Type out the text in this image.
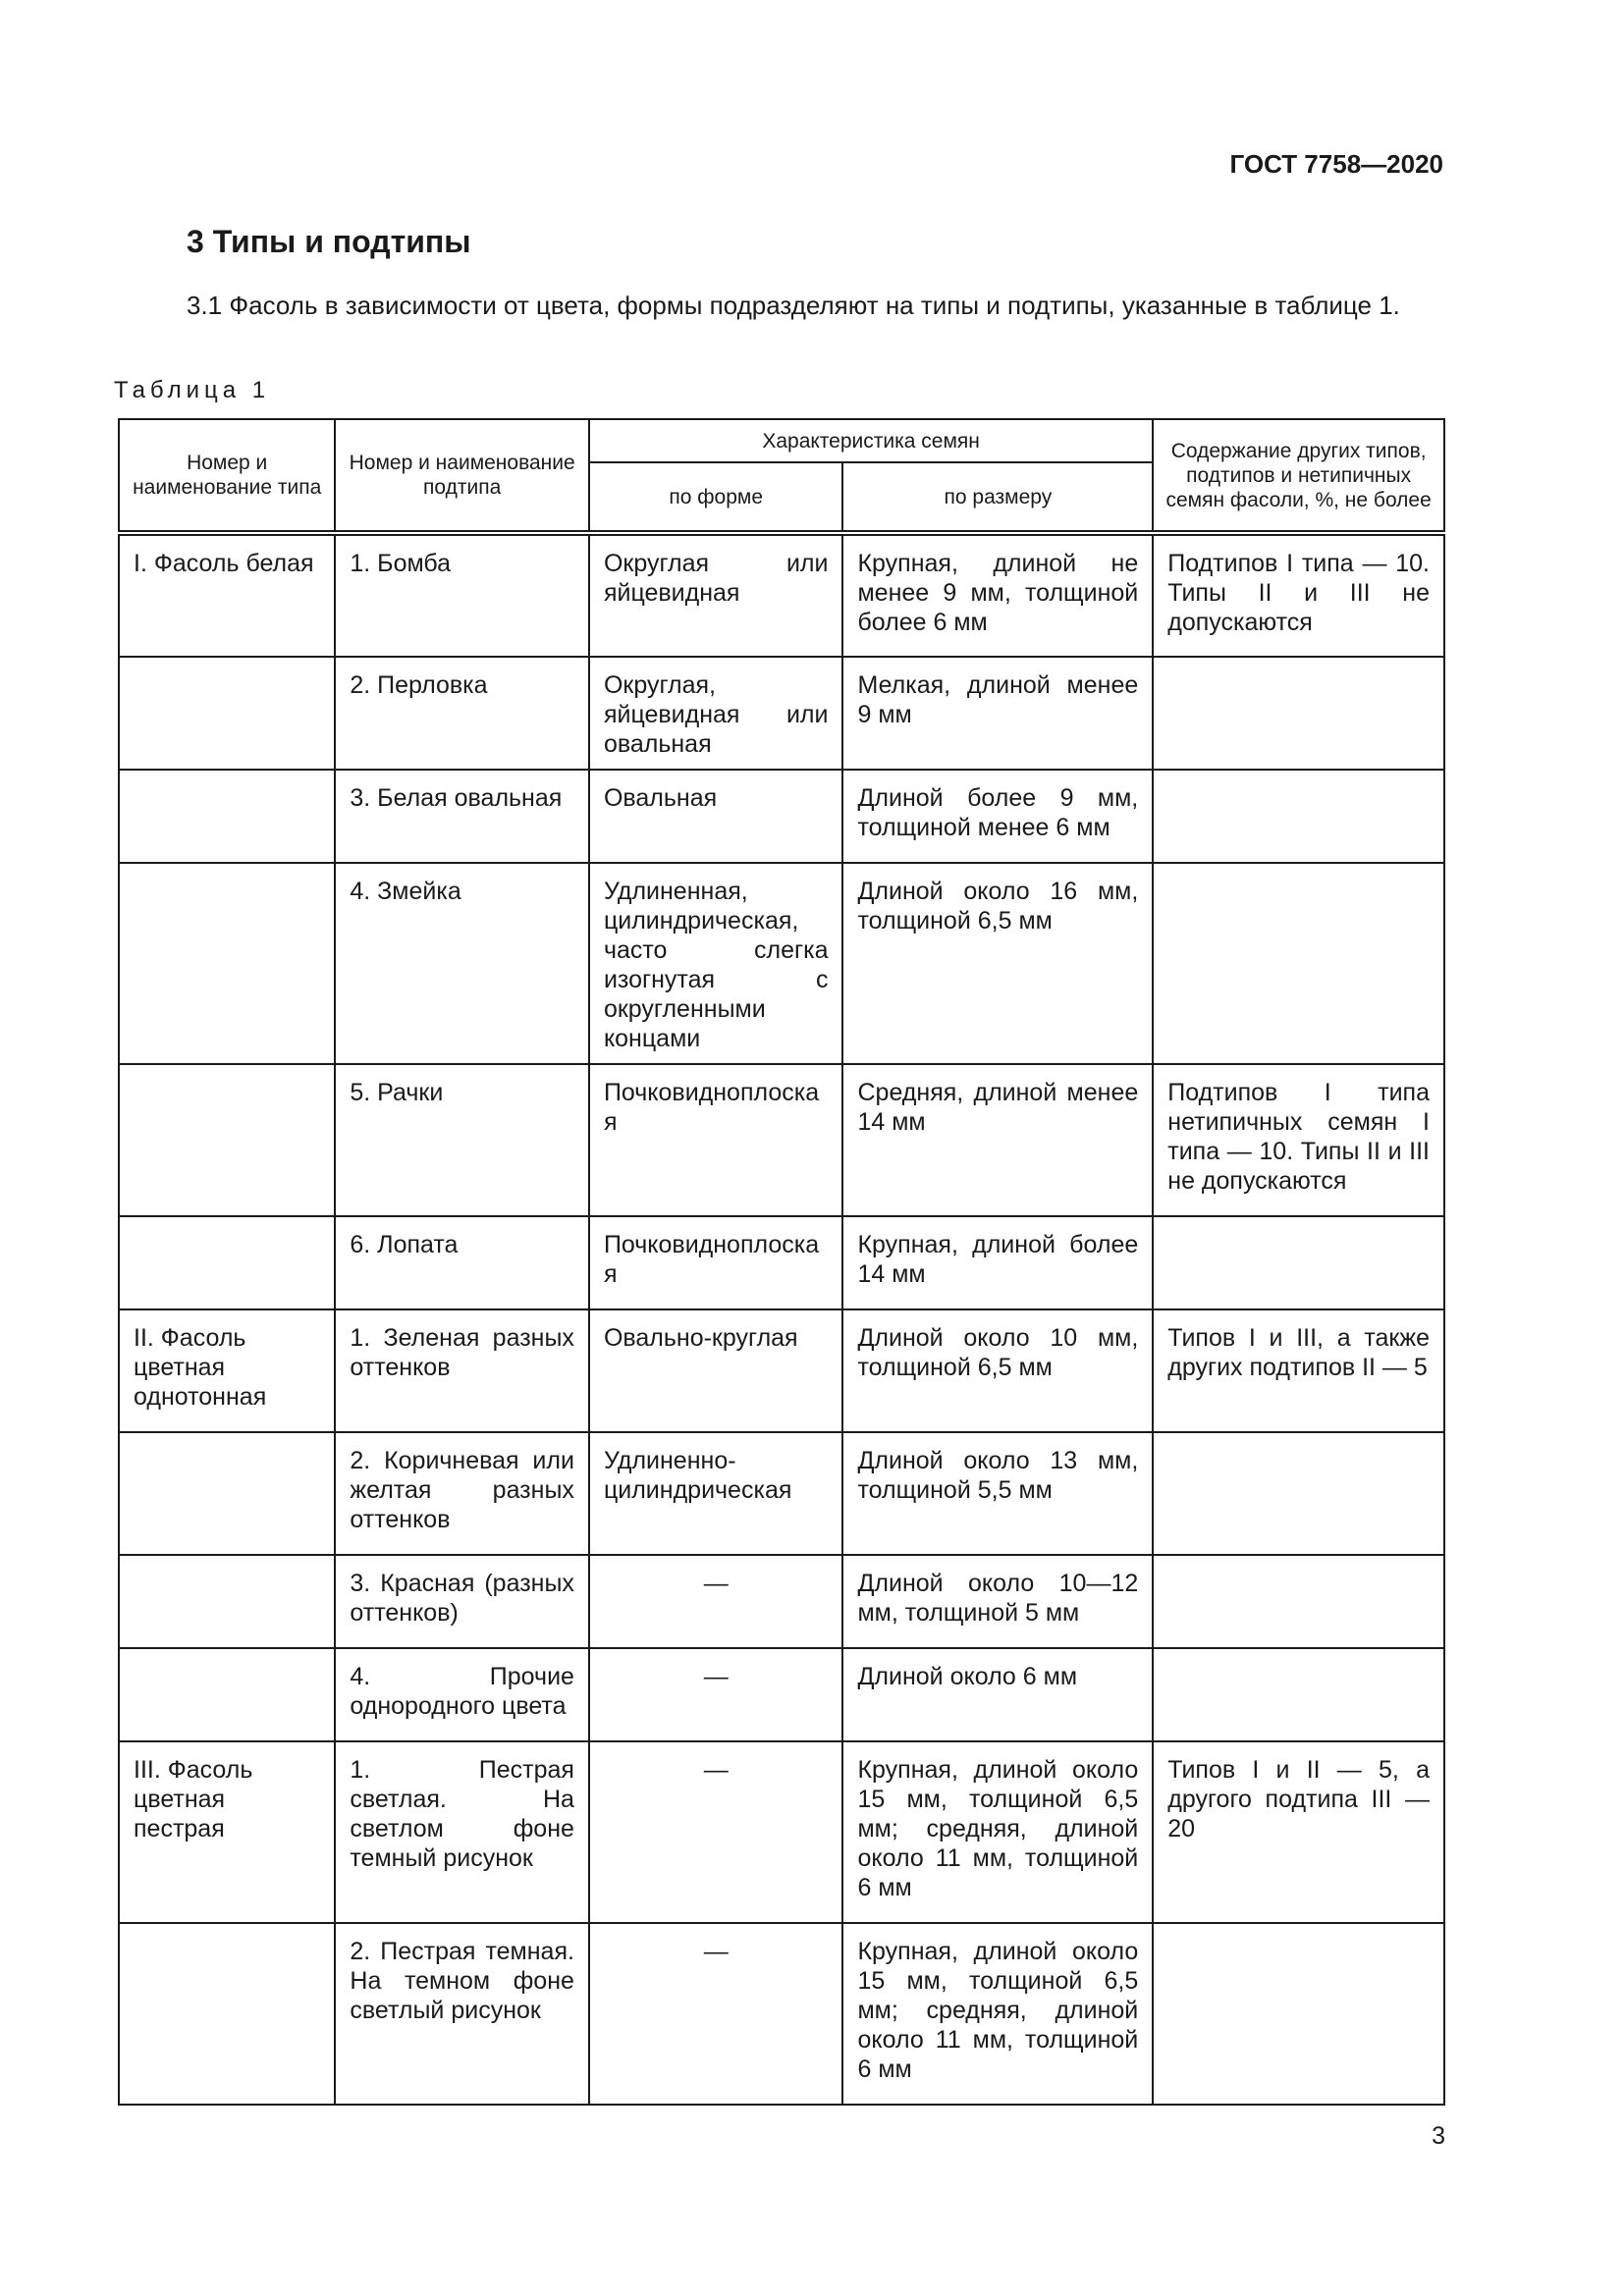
ГОСТ 7758—2020
3 Типы и подтипы
3.1 Фасоль в зависимости от цвета, формы подразделяют на типы и подтипы, указанные в таблице 1.
Таблица 1
Номер и наименование типа	Номер и наименование подтипа	Характеристика семян		Содержание других типов, подтипов и нетипичных семян фасоли, %, не более
		по форме	по размеру	
I. Фасоль белая	1. Бомба	Округлая или яйцевидная	Крупная, длиной не менее 9 мм, толщиной более 6 мм	Подтипов I типа — 10. Типы II и III не допускаются
	2. Перловка	Округлая, яйцевидная или овальная	Мелкая, длиной менее 9 мм	
	3. Белая овальная	Овальная	Длиной более 9 мм, толщиной менее 6 мм	
	4. Змейка	Удлиненная, цилиндрическая, часто слегка изогнутая с округленными концами	Длиной около 16 мм, толщиной 6,5 мм	
	5. Рачки	Почковидноплоская	Средняя, длиной менее 14 мм	Подтипов I типа нетипичных семян I типа — 10. Типы II и III не допускаются
	6. Лопата	Почковидноплоская	Крупная, длиной более 14 мм	
II. Фасоль цветная однотонная	1. Зеленая разных оттенков	Овально-круглая	Длиной около 10 мм, толщиной 6,5 мм	Типов I и III, а также других подтипов II — 5
	2. Коричневая или желтая разных оттенков	Удлиненно-цилиндрическая	Длиной около 13 мм, толщиной 5,5 мм	
	3. Красная (разных оттенков)	—	Длиной около 10—12 мм, толщиной 5 мм	
	4. Прочие однородного цвета	—	Длиной около 6 мм	
III. Фасоль цветная пестрая	1. Пестрая светлая. На светлом фоне темный рисунок	—	Крупная, длиной около 15 мм, толщиной 6,5 мм; средняя, длиной около 11 мм, толщиной 6 мм	Типов I и II — 5, а другого подтипа III — 20
	2. Пестрая темная. На темном фоне светлый рисунок	—	Крупная, длиной около 15 мм, толщиной 6,5 мм; средняя, длиной около 11 мм, толщиной 6 мм	
3
